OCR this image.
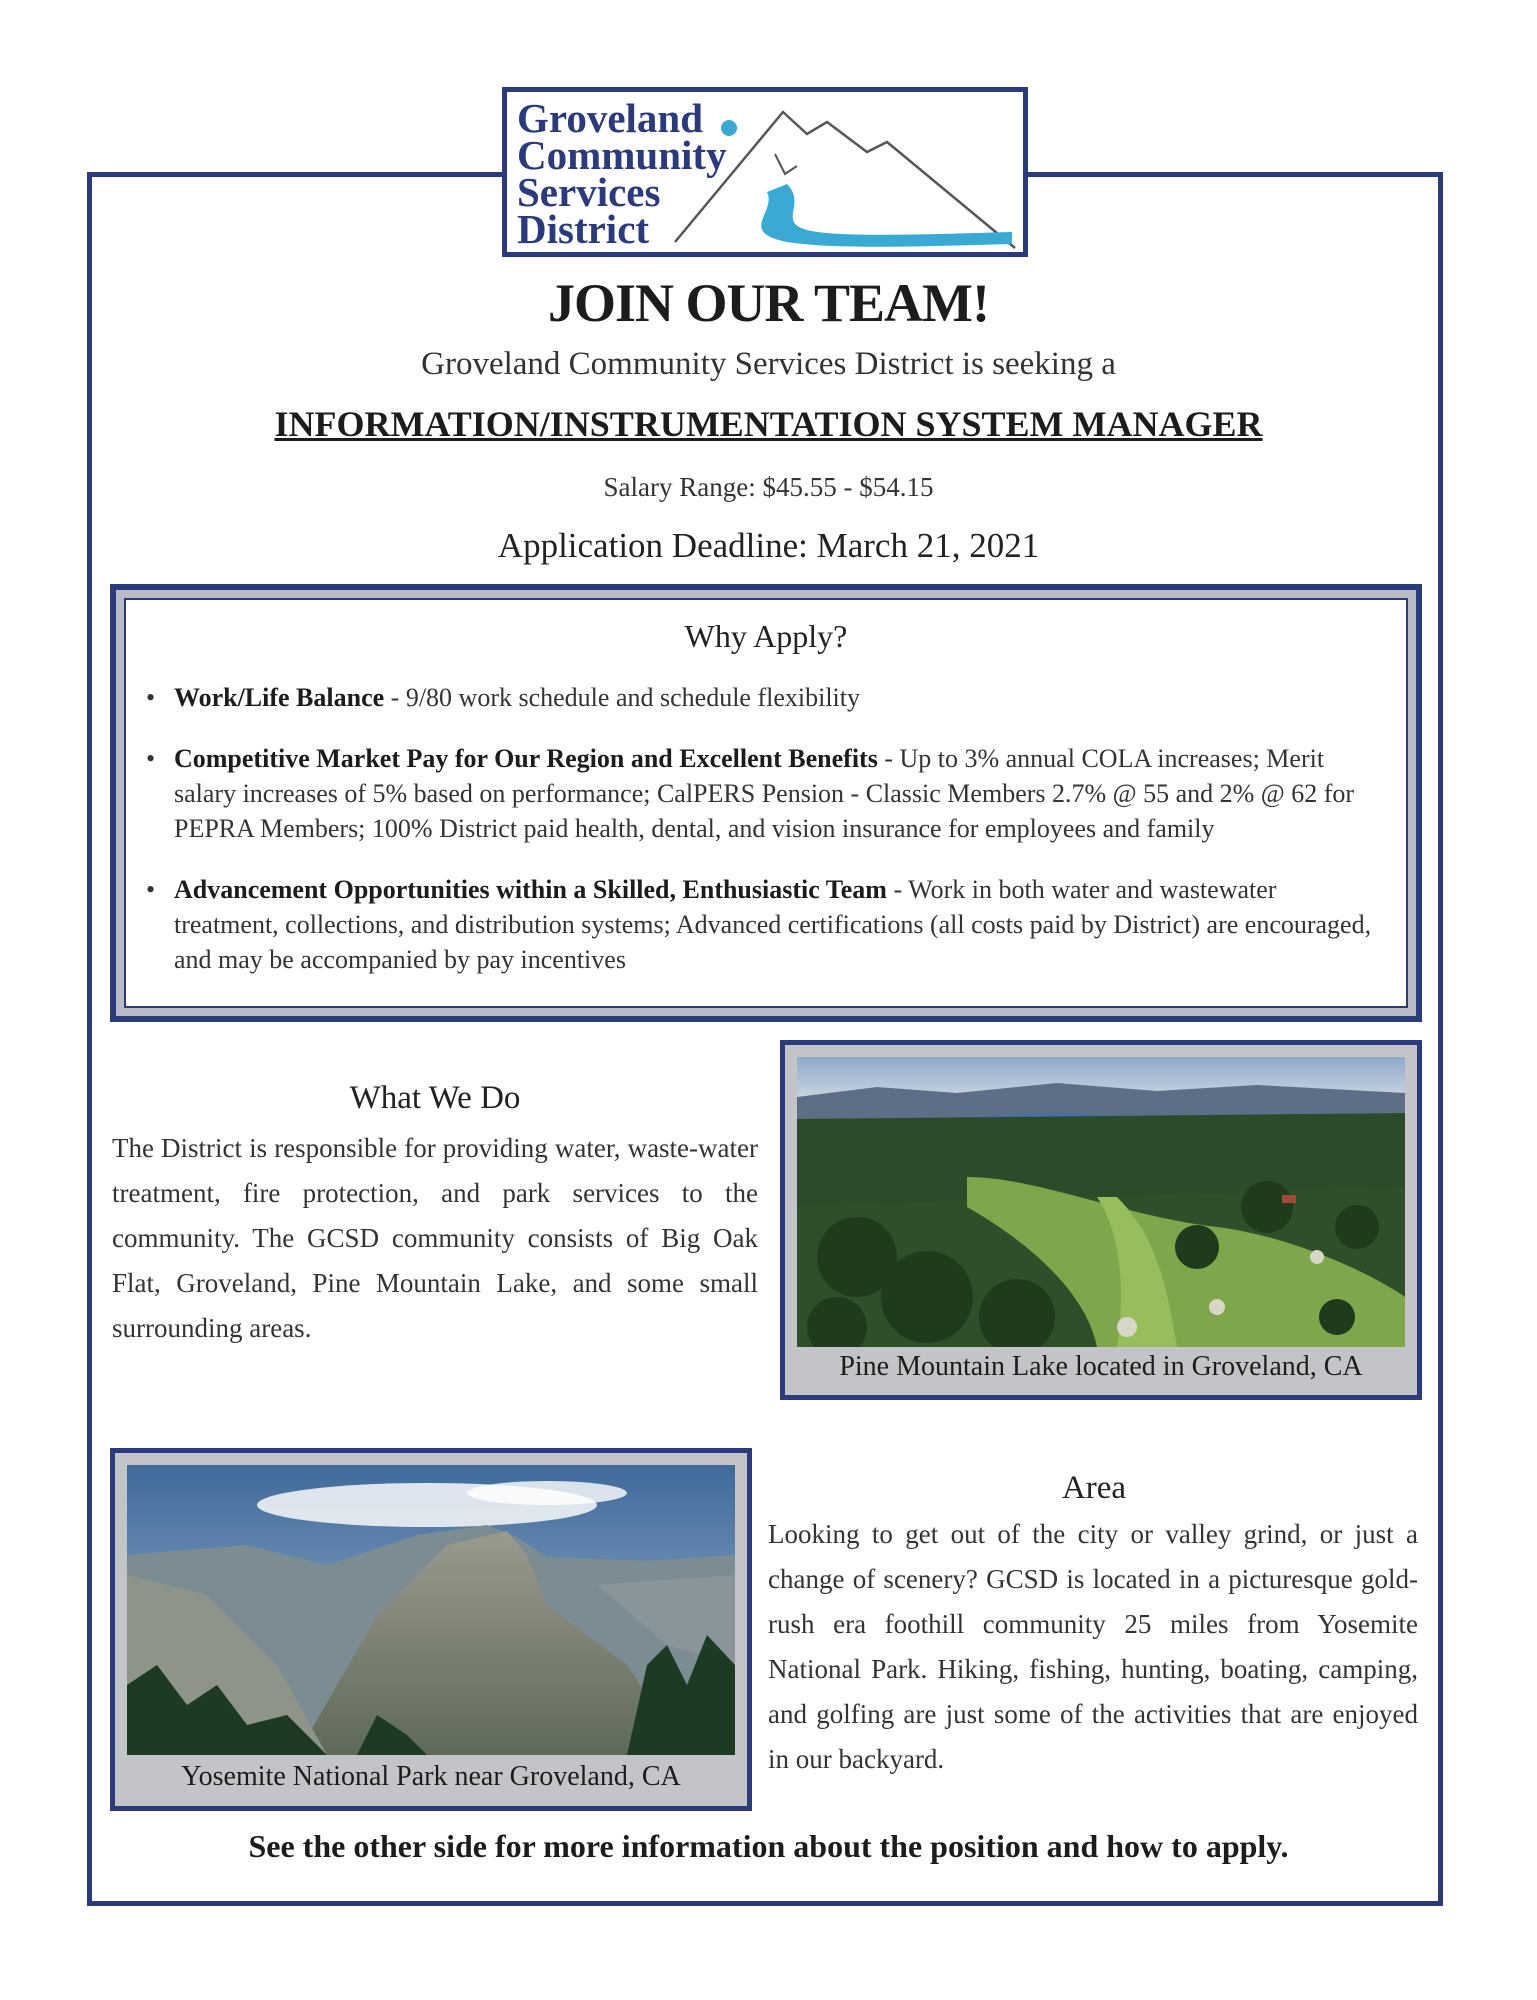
Groveland
Community
Services
District
JOIN OUR TEAM!
Groveland Community Services District is seeking a
INFORMATION/INSTRUMENTATION SYSTEM MANAGER
Salary Range: $45.55 - $54.15
Application Deadline: March 21, 2021
Why Apply?
• Work/Life Balance - 9/80 work schedule and schedule flexibility
• Competitive Market Pay for Our Region and Excellent Benefits - Up to 3% annual COLA increases; Merit salary increases of 5% based on performance; CalPERS Pension - Classic Members 2.7% @ 55 and 2% @ 62 for PEPRA Members; 100% District paid health, dental, and vision insurance for employees and family
• Advancement Opportunities within a Skilled, Enthusiastic Team - Work in both water and wastewater treatment, collections, and distribution systems; Advanced certifications (all costs paid by District) are encouraged, and may be accompanied by pay incentives
What We Do
The District is responsible for providing water, waste-water treatment, fire protection, and park services to the community. The GCSD community consists of Big Oak Flat, Groveland, Pine Mountain Lake, and some small surrounding areas.
Pine Mountain Lake located in Groveland, CA
Yosemite National Park near Groveland, CA
Area
Looking to get out of the city or valley grind, or just a change of scenery? GCSD is located in a picturesque gold-rush era foothill community 25 miles from Yosemite National Park. Hiking, fishing, hunting, boating, camping, and golfing are just some of the activities that are enjoyed in our backyard.
See the other side for more information about the position and how to apply.
